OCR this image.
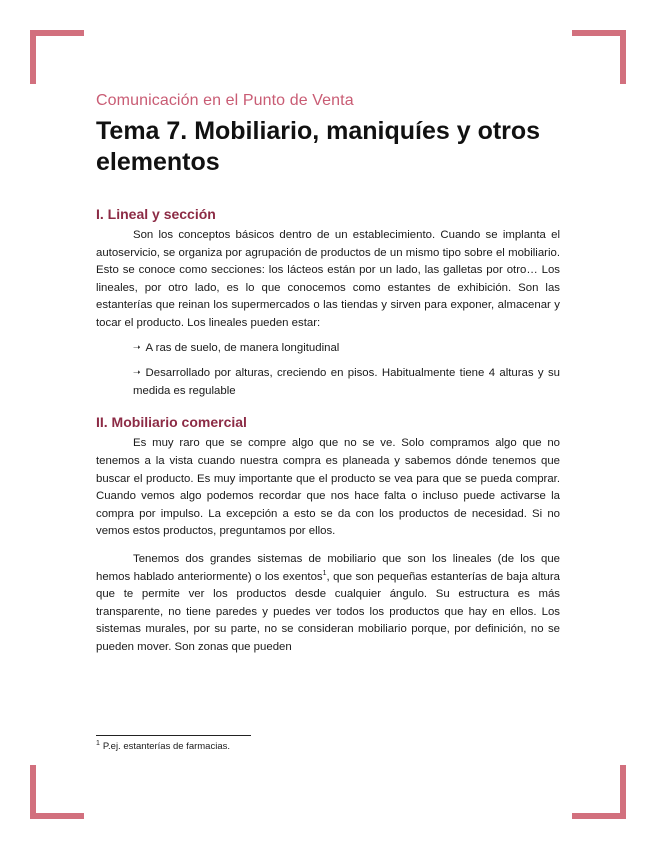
Comunicación en el Punto de Venta
Tema 7. Mobiliario, maniquíes y otros elementos
I. Lineal y sección

Son los conceptos básicos dentro de un establecimiento. Cuando se implanta el autoservicio, se organiza por agrupación de productos de un mismo tipo sobre el mobiliario. Esto se conoce como secciones: los lácteos están por un lado, las galletas por otro… Los lineales, por otro lado, es lo que conocemos como estantes de exhibición. Son las estanterías que reinan los supermercados o las tiendas y sirven para exponer, almacenar y tocar el producto. Los lineales pueden estar:

➝ A ras de suelo, de manera longitudinal
➝ Desarrollado por alturas, creciendo en pisos. Habitualmente tiene 4 alturas y su medida es regulable
II. Mobiliario comercial

Es muy raro que se compre algo que no se ve. Solo compramos algo que no tenemos a la vista cuando nuestra compra es planeada y sabemos dónde tenemos que buscar el producto. Es muy importante que el producto se vea para que se pueda comprar. Cuando vemos algo podemos recordar que nos hace falta o incluso puede activarse la compra por impulso. La excepción a esto se da con los productos de necesidad. Si no vemos estos productos, preguntamos por ellos.

Tenemos dos grandes sistemas de mobiliario que son los lineales (de los que hemos hablado anteriormente) o los exentos$^1$, que son pequeñas estanterías de baja altura que te permite ver los productos desde cualquier ángulo. Su estructura es más transparente, no tiene paredes y puedes ver todos los productos que hay en ellos. Los sistemas murales, por su parte, no se consideran mobiliario porque, por definición, no se pueden mover. Son zonas que pueden

$^1$ P.ej. estanterías de farmacias.
